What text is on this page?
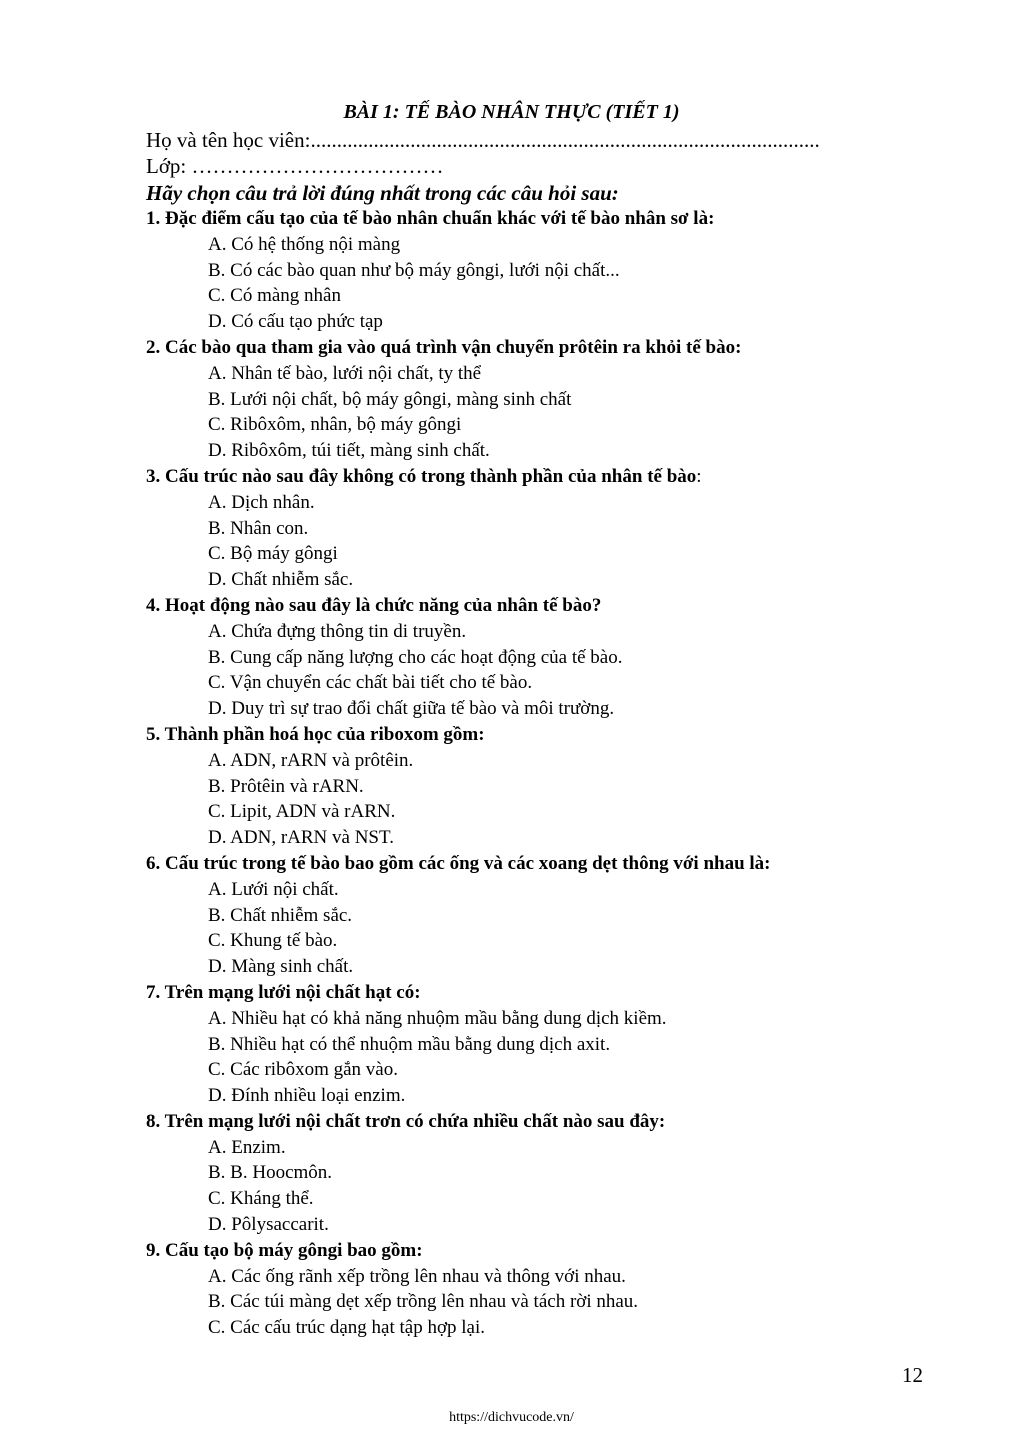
BÀI 1: TẾ BÀO NHÂN THỰC (TIẾT 1)
Họ và tên học viên:.................................................................................................
Lớp: ………………………………

Hãy chọn câu trả lời đúng nhất trong các câu hỏi sau:

1. Đặc điểm cấu tạo của tế bào nhân chuẩn khác với tế bào nhân sơ là:
A. Có hệ thống nội màng
B. Có các bào quan như bộ máy gôngi, lưới nội chất...
C. Có màng nhân
D. Có cấu tạo phức tạp
2. Các bào qua tham gia vào quá trình vận chuyển prôtêin ra khỏi tế bào:
A. Nhân tế bào, lưới nội chất, ty thể
B. Lưới nội chất, bộ máy gôngi, màng sinh chất
C. Ribôxôm, nhân, bộ máy gôngi
D. Ribôxôm, túi tiết, màng sinh chất.
3. Cấu trúc nào sau đây không có trong thành phần của nhân tế bào:
A. Dịch nhân.
B. Nhân con.
C. Bộ máy gôngi
D. Chất nhiễm sắc.
4. Hoạt động nào sau đây là chức năng của nhân tế bào?
A. Chứa đựng thông tin di truyền.
B. Cung cấp năng lượng cho các hoạt động của tế bào.
C. Vận chuyển các chất bài tiết cho tế bào.
D. Duy trì sự trao đổi chất giữa tế bào và môi trường.
5. Thành phần hoá học của riboxom gồm:
A. ADN, rARN và prôtêin.
B. Prôtêin và rARN.
C. Lipit, ADN và rARN.
D. ADN, rARN và NST.
6. Cấu trúc trong tế bào bao gồm các ống và các xoang dẹt thông với nhau là:
A. Lưới nội chất.
B. Chất nhiễm sắc.
C. Khung tế bào.
D. Màng sinh chất.
7. Trên mạng lưới nội chất hạt có:
A. Nhiều hạt có khả năng nhuộm mầu bằng dung dịch kiềm.
B. Nhiều hạt có thể nhuộm mầu bằng dung dịch axit.
C. Các ribôxom gắn vào.
D. Đính nhiều loại enzim.
8. Trên mạng lưới nội chất trơn có chứa nhiều chất nào sau đây:
A. Enzim.
B. B. Hoocmôn.
C. Kháng thể.
D. Pôlysaccarit.
9. Cấu tạo bộ máy gôngi bao gồm:
A. Các ống rãnh xếp trồng lên nhau và thông với nhau.
B. Các túi màng dẹt xếp trồng lên nhau và tách rời nhau.
C. Các cấu trúc dạng hạt tập hợp lại.
12
https://dichvucode.vn/
